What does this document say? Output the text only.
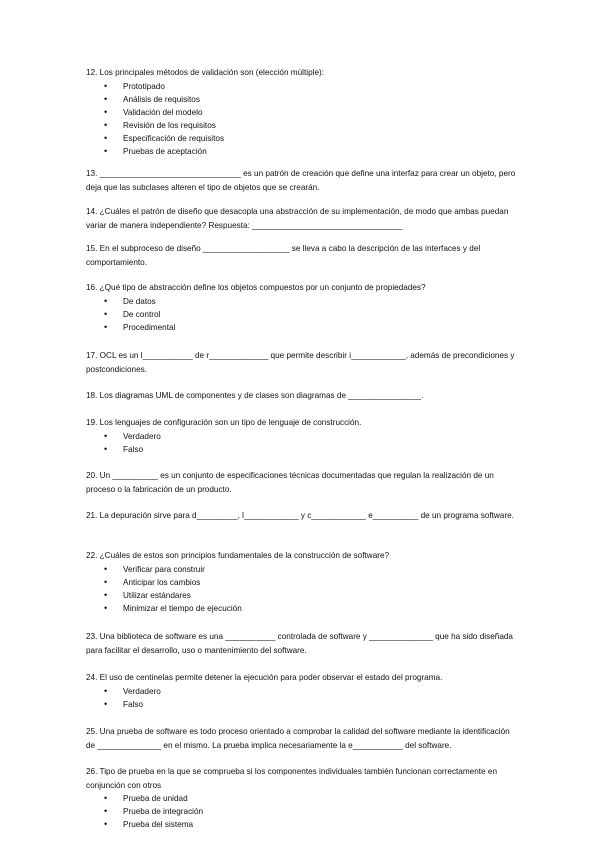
12. Los principales métodos de validación son (elección múltiple):

• Prototipado
• Análisis de requisitos
• Validación del modelo
• Revisión de los requisitos
• Especificación de requisitos
• Pruebas de aceptación

13. _______________________________ es un patrón de creación que define una interfaz para crear un objeto, pero deja que las subclases alteren el tipo de objetos que se crearán.

14. ¿Cuáles el patrón de diseño que desacopla una abstracción de su implementación, de modo que ambas puedan variar de manera independiente? Respuesta: _________________________________

15. En el subproceso de diseño ___________________ se lleva a cabo la descripción de las interfaces y del comportamiento.

16. ¿Qué tipo de abstracción define los objetos compuestos por un conjunto de propiedades?

• De datos
• De control
• Procedimental

17. OCL es un l___________ de r_____________ que permite describir i____________, además de precondiciones y postcondiciones.

18. Los diagramas UML de componentes y de clases son diagramas de ________________.

19. Los lenguajes de configuración son un tipo de lenguaje de construcción.

• Verdadero
• Falso

20. Un __________ es un conjunto de especificaciones técnicas documentadas que regulan la realización de un proceso o la fabricación de un producto.

21. La depuración sirve para d_________, l____________ y c____________ e__________ de un programa software.

22. ¿Cuáles de estos son principios fundamentales de la construcción de software?

• Verificar para construir
• Anticipar los cambios
• Utilizar estándares
• Minimizar el tiempo de ejecución

23. Una biblioteca de software es una ___________ controlada de software y ______________ que ha sido diseñada para facilitar el desarrollo, uso o mantenimiento del software.

24. El uso de centinelas permite detener la ejecución para poder observar el estado del programa.

• Verdadero
• Falso

25. Una prueba de software es todo proceso orientado a comprobar la calidad del software mediante la identificación de ______________ en el mismo. La prueba implica necesariamente la e___________ del software.

26. Tipo de prueba en la que se comprueba si los componentes individuales también funcionan correctamente en conjunción con otros

• Prueba de unidad
• Prueba de integración
• Prueba del sistema
